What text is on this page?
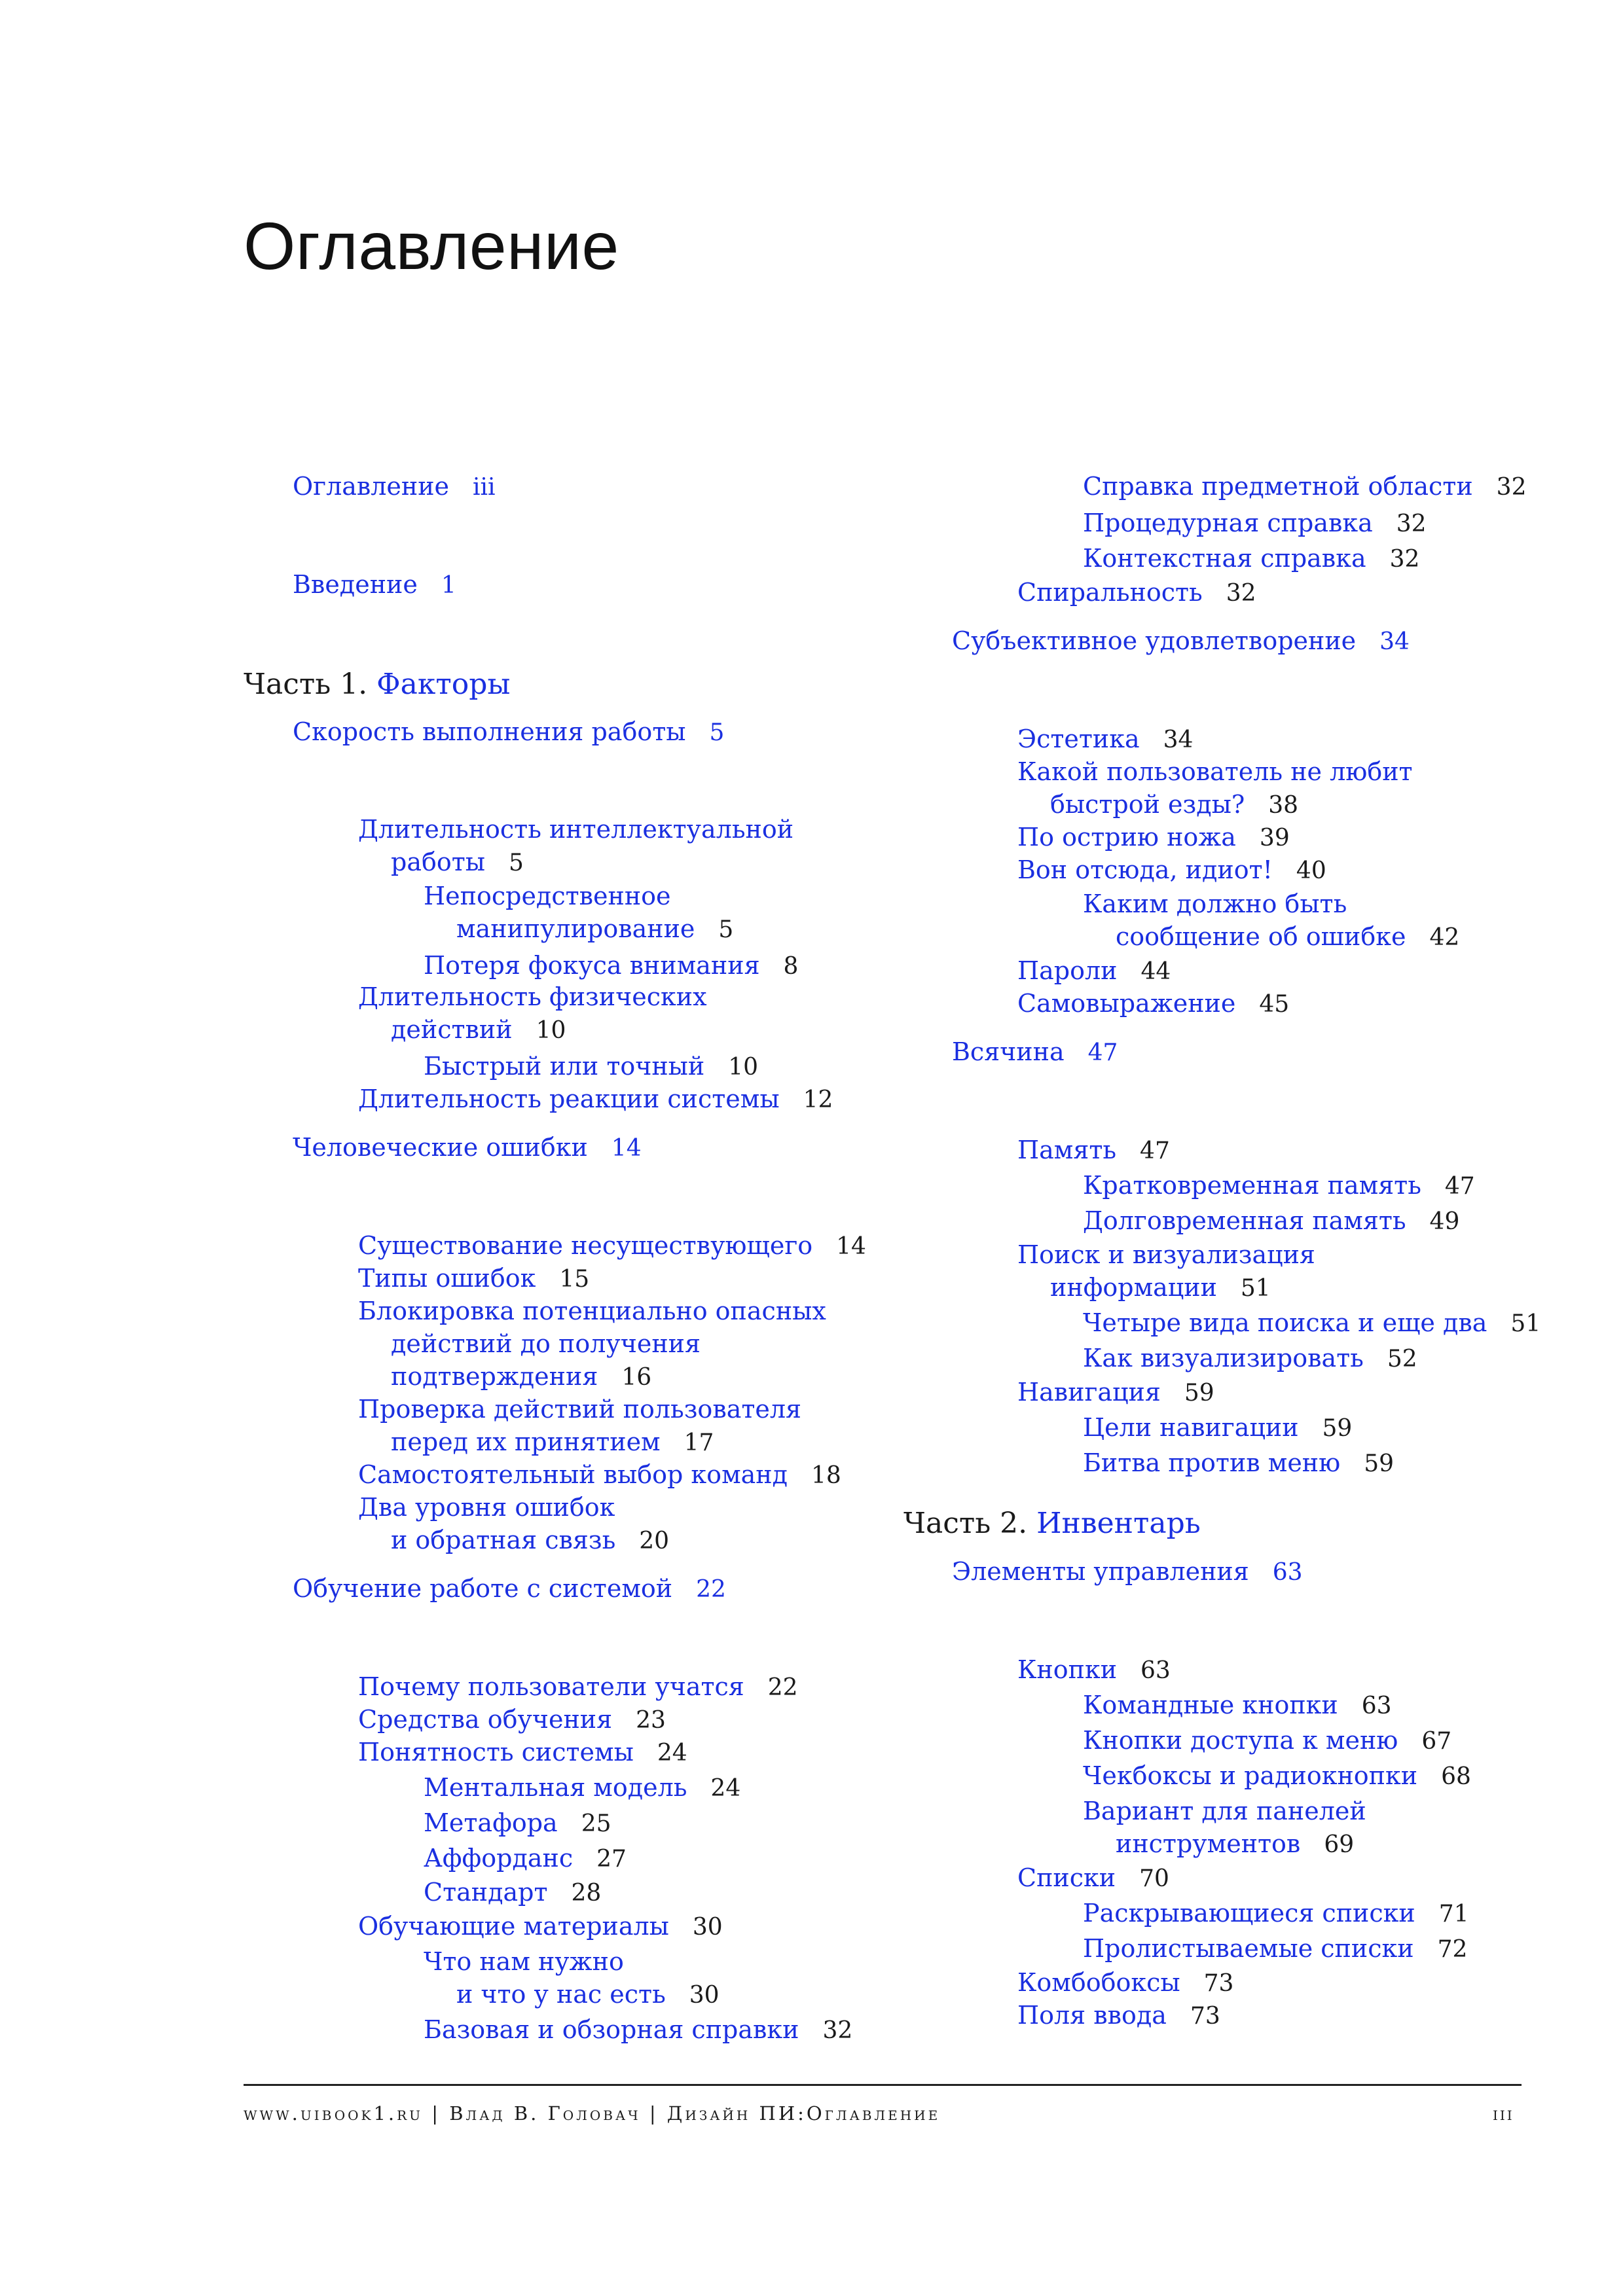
Оглавление
Оглавление iii
Введение 1
Часть 1. Факторы
Скорость выполнения работы 5
Длительность интеллектуальной
работы 5
Непосредственное
манипулирование 5
Потеря фокуса внимания 8
Длительность физических
действий 10
Быстрый или точный 10
Длительность реакции системы 12
Человеческие ошибки 14
Существование несуществующего 14
Типы ошибок 15
Блокировка потенциально опасных
действий до получения
подтверждения 16
Проверка действий пользователя
перед их принятием 17
Самостоятельный выбор команд 18
Два уровня ошибок
и обратная связь 20
Обучение работе с системой 22
Почему пользователи учатся 22
Средства обучения 23
Понятность системы 24
Ментальная модель 24
Метафора 25
Аффорданс 27
Стандарт 28
Обучающие материалы 30
Что нам нужно
и что у нас есть 30
Базовая и обзорная справки 32
Справка предметной области 32
Процедурная справка 32
Контекстная справка 32
Спиральность 32
Субъективное удовлетворение 34
Эстетика 34
Какой пользователь не любит
быстрой езды? 38
По острию ножа 39
Вон отсюда, идиот! 40
Каким должно быть
сообщение об ошибке 42
Пароли 44
Самовыражение 45
Всячина 47
Память 47
Кратковременная память 47
Долговременная память 49
Поиск и визуализация
информации 51
Четыре вида поиска и еще два 51
Как визуализировать 52
Навигация 59
Цели навигации 59
Битва против меню 59
Часть 2. Инвентарь
Элементы управления 63
Кнопки 63
Командные кнопки 63
Кнопки доступа к меню 67
Чекбоксы и радиокнопки 68
Вариант для панелей
инструментов 69
Списки 70
Раскрывающиеся списки 71
Пролистываемые списки 72
Комбобоксы 73
Поля ввода 73
www.uibook1.ru | Влад В. Головач | Дизайн ПИ:Оглавление	iii
